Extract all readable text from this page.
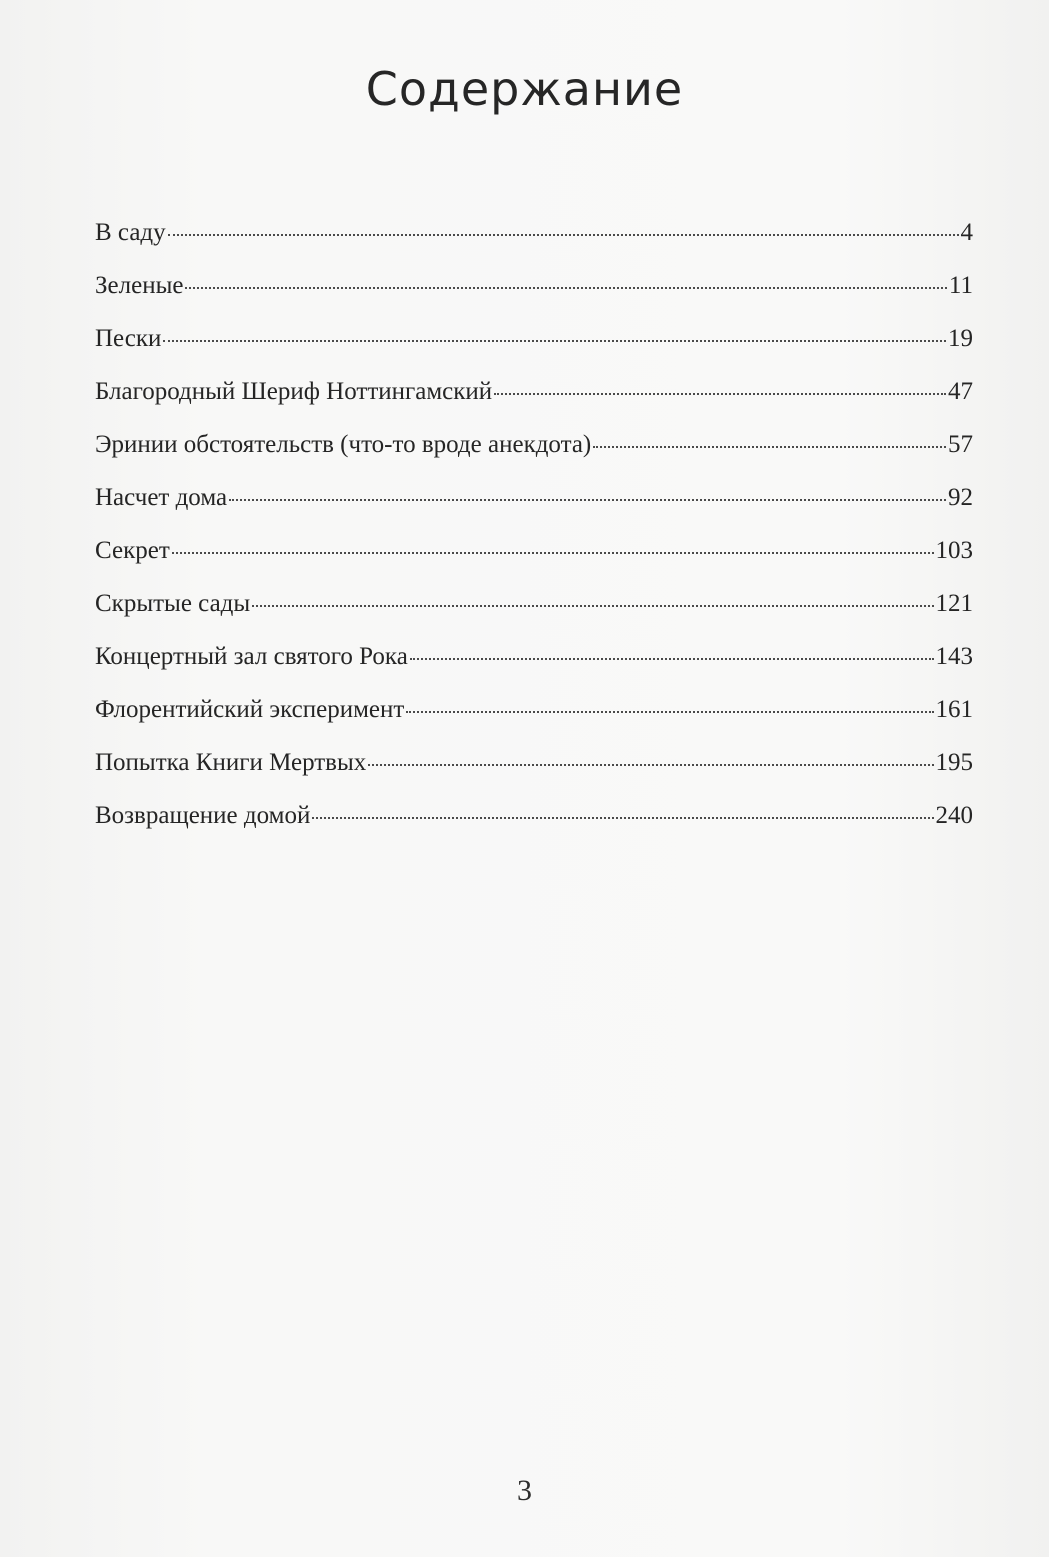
Содержание
В саду	4
Зеленые	11
Пески	19
Благородный Шериф Ноттингамский	47
Эринии обстоятельств (что-то вроде анекдота)	57
Насчет дома	92
Секрет	103
Скрытые сады	121
Концертный зал святого Рока	143
Флорентийский эксперимент	161
Попытка Книги Мертвых	195
Возвращение домой	240
3
